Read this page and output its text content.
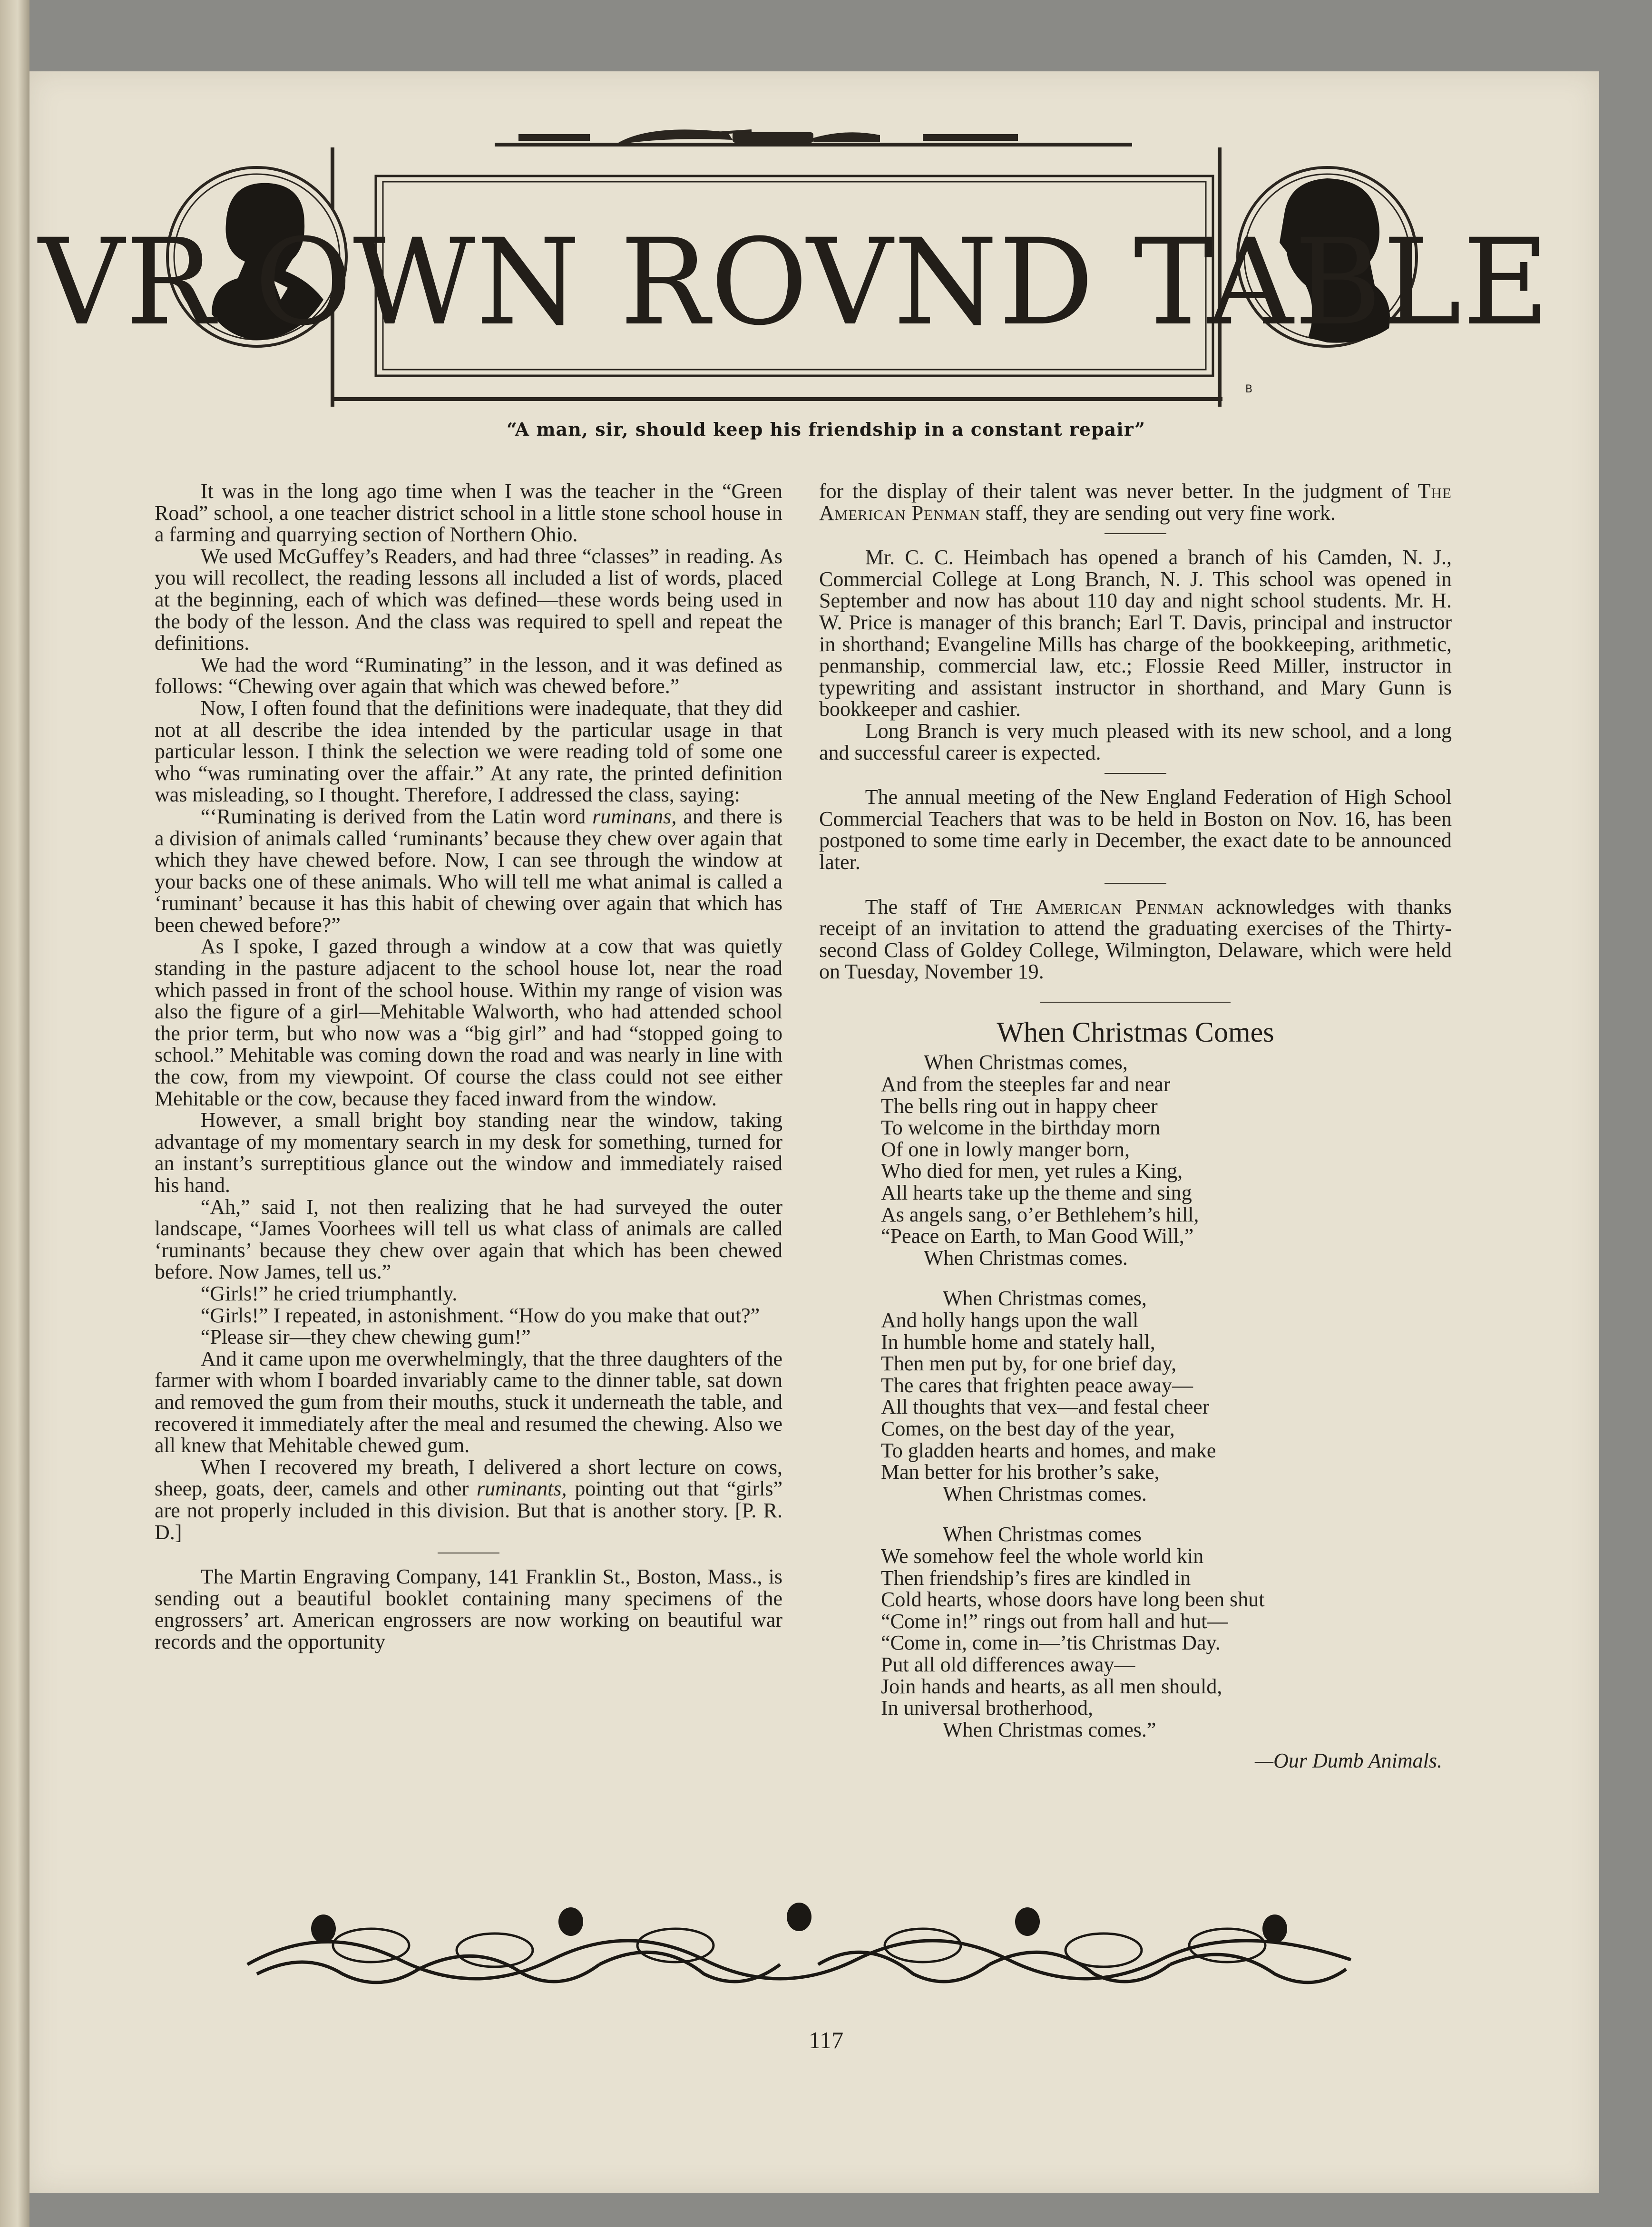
VR OWN ROVND TABLE
B
“A man, sir, should keep his friendship in a constant repair”

It was in the long ago time when I was the teacher in the “Green Road” school, a one teacher district school in a little stone school house in a farming and quarrying section of Northern Ohio.

We used McGuffey’s Readers, and had three “classes” in reading. As you will recollect, the reading lessons all included a list of words, placed at the beginning, each of which was defined—these words being used in the body of the lesson. And the class was required to spell and repeat the definitions.

We had the word “Ruminating” in the lesson, and it was defined as follows: “Chewing over again that which was chewed before.”

Now, I often found that the definitions were inadequate, that they did not at all describe the idea intended by the particular usage in that particular lesson. I think the selection we were reading told of some one who “was ruminating over the affair.” At any rate, the printed definition was misleading, so I thought. Therefore, I addressed the class, saying:

“‘Ruminating is derived from the Latin word ruminans, and there is a division of animals called ‘ruminants’ because they chew over again that which they have chewed before. Now, I can see through the window at your backs one of these animals. Who will tell me what animal is called a ‘ruminant’ because it has this habit of chewing over again that which has been chewed before?”

As I spoke, I gazed through a window at a cow that was quietly standing in the pasture adjacent to the school house lot, near the road which passed in front of the school house. Within my range of vision was also the figure of a girl—Mehitable Walworth, who had attended school the prior term, but who now was a “big girl” and had “stopped going to school.” Mehitable was coming down the road and was nearly in line with the cow, from my viewpoint. Of course the class could not see either Mehitable or the cow, because they faced inward from the window.

However, a small bright boy standing near the window, taking advantage of my momentary search in my desk for something, turned for an instant’s surreptitious glance out the window and immediately raised his hand.

“Ah,” said I, not then realizing that he had surveyed the outer landscape, “James Voorhees will tell us what class of animals are called ‘ruminants’ because they chew over again that which has been chewed before. Now James, tell us.”

“Girls!” he cried triumphantly.

“Girls!” I repeated, in astonishment. “How do you make that out?”

“Please sir—they chew chewing gum!”

And it came upon me overwhelmingly, that the three daughters of the farmer with whom I boarded invariably came to the dinner table, sat down and removed the gum from their mouths, stuck it underneath the table, and recovered it immediately after the meal and resumed the chewing. Also we all knew that Mehitable chewed gum.

When I recovered my breath, I delivered a short lecture on cows, sheep, goats, deer, camels and other ruminants, pointing out that “girls” are not properly included in this division. But that is another story. [P. R. D.]

The Martin Engraving Company, 141 Franklin St., Boston, Mass., is sending out a beautiful booklet containing many specimens of the engrossers’ art. American engrossers are now working on beautiful war records and the opportunity

for the display of their talent was never better. In the judgment of The American Penman staff, they are sending out very fine work.

Mr. C. C. Heimbach has opened a branch of his Camden, N. J., Commercial College at Long Branch, N. J. This school was opened in September and now has about 110 day and night school students. Mr. H. W. Price is manager of this branch; Earl T. Davis, principal and instructor in shorthand; Evangeline Mills has charge of the bookkeeping, arithmetic, penmanship, commercial law, etc.; Flossie Reed Miller, instructor in typewriting and assistant instructor in shorthand, and Mary Gunn is bookkeeper and cashier.

Long Branch is very much pleased with its new school, and a long and successful career is expected.

The annual meeting of the New England Federation of High School Commercial Teachers that was to be held in Boston on Nov. 16, has been postponed to some time early in December, the exact date to be announced later.

The staff of The American Penman acknowledges with thanks receipt of an invitation to attend the graduating exercises of the Thirty-second Class of Goldey College, Wilmington, Delaware, which were held on Tuesday, November 19.

When Christmas Comes
When Christmas comes,
And from the steeples far and near
The bells ring out in happy cheer
To welcome in the birthday morn
Of one in lowly manger born,
Who died for men, yet rules a King,
All hearts take up the theme and sing
As angels sang, o’er Bethlehem’s hill,
“Peace on Earth, to Man Good Will,”
When Christmas comes.
When Christmas comes,
And holly hangs upon the wall
In humble home and stately hall,
Then men put by, for one brief day,
The cares that frighten peace away—
All thoughts that vex—and festal cheer
Comes, on the best day of the year,
To gladden hearts and homes, and make
Man better for his brother’s sake,
When Christmas comes.
When Christmas comes
We somehow feel the whole world kin
Then friendship’s fires are kindled in
Cold hearts, whose doors have long been shut
“Come in!” rings out from hall and hut—
“Come in, come in—’tis Christmas Day.
Put all old differences away—
Join hands and hearts, as all men should,
In universal brotherhood,
When Christmas comes.”
—Our Dumb Animals.
117
